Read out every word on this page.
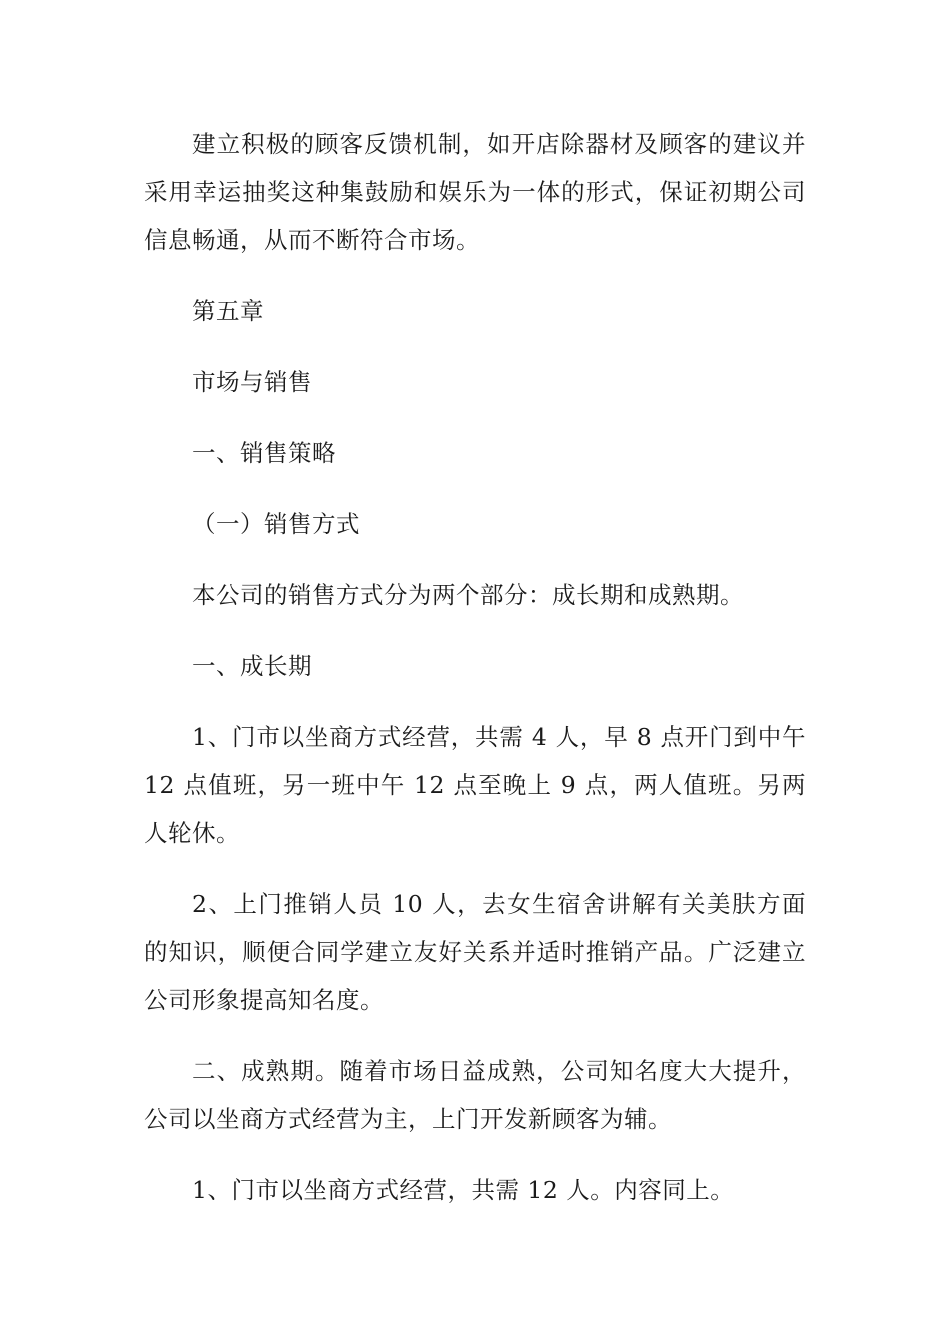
建立积极的顾客反馈机制，如开店除器材及顾客的建议并采用幸运抽奖这种集鼓励和娱乐为一体的形式，保证初期公司信息畅通，从而不断符合市场。

第五章

市场与销售

一、销售策略

（一）销售方式

本公司的销售方式分为两个部分：成长期和成熟期。

一、成长期

1、门市以坐商方式经营，共需 4 人，早 8 点开门到中午 12 点值班，另一班中午 12 点至晚上 9 点，两人值班。另两人轮休。

2、上门推销人员 10 人，去女生宿舍讲解有关美肤方面的知识，顺便合同学建立友好关系并适时推销产品。广泛建立公司形象提高知名度。

二、成熟期。随着市场日益成熟，公司知名度大大提升，公司以坐商方式经营为主，上门开发新顾客为辅。

1、门市以坐商方式经营，共需 12 人。内容同上。
